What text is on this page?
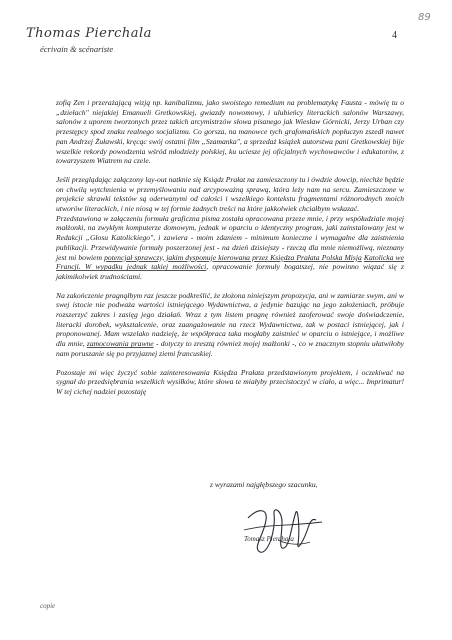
Thomas Pierchala
écrivain & scénariste
4
89

zofią Zen i przerażającą wizją np. kanibalizmu, jako swoistego remedium na problematykę Fausta - mówię tu o „dziełach" niejakiej Emanueli Gretkowskiej, gwiazdy nowomowy, i ulubieńcy literackich salonów Warszawy, salonów z uporem tworzonych przez takich arcymistrzów słowa pisanego jak Wiesław Górnicki, Jerzy Urban czy przestępcy spod znaku realnego socjalizmu. Co gorsza, na manowce tych grafomańskich popłuczyn zszedł nawet pan Andrzej Żuławski, kręcąc swój ostatni film „Szamanka", a sprzedaż książek autorstwa pani Gretkowskiej bije wszelkie rekordy powodzenia wśród młodzieży polskiej, ku uciesze jej oficjalnych wychowawców i edukatorów, z towarzyszem Wiatrem na czele.

Jeśli przeglądając załączony lay-out natknie się Ksiądz Prałat na zamieszczony tu i ówdzie dowcip, niechże będzie on chwilą wytchnienia w przemyślowaniu nad arcypoważną sprawą, która leży nam na sercu. Zamieszczone w projekcie skrawki tekstów są oderwanymi od całości i wszelkiego kontekstu fragmentami różnorodnych moich utworów literackich, i nie niosą w tej formie żadnych treści na które jakkolwiek chciałbym wskazać.

Przedstawiona w załączeniu formuła graficzna pisma została opracowana przeze mnie, i przy współudziale mojej małżonki, na zwykłym komputerze domowym, jednak w oparciu o identyczny program, jaki zainstalowany jest w Redakcji „Głosu Katolickiego", i zawiera - moim zdaniem - minimum konieczne i wymagalne dla zaistnienia publikacji. Przewidywanie formuły poszerzonej jest - na dzień dzisiejszy - rzeczą dla mnie niemożliwą, nieznany jest mi bowiem potencjał sprawczy, jakim dysponuje kierowana przez Księdza Prałata Polska Misja Katolicka we Francji. W wypadku jednak takiej możliwości, opracowanie formuły bogatszej, nie powinno wiązać się z jakimikolwiek trudnościami.

Na zakończenie pragnąłbym raz jeszcze podkreślić, że złożona niniejszym propozycja, ani w zamiarze swym, ani w swej istocie nie podważa wartości istniejącego Wydawnictwa, a jedynie bazując na jego założeniach, próbuje rozszerzyć zakres i zasięg jego działań. Wraz z tym listem pragnę również zaoferować swoje doświadczenie, literacki dorobek, wykształcenie, oraz zaangażowanie na rzecz Wydawnictwa, tak w postaci istniejącej, jak i proponowanej. Mam wszelako nadzieję, że współpraca taka mogłaby zaistnieć w oparciu o istniejące, i możliwe dla mnie, zamocowania prawne - dotyczy to zresztą również mojej małżonki -, co w znacznym stopniu ułatwiłoby nam poruszanie się po przyjaznej ziemi francuskiej.

Pozostaje mi więc życzyć sobie zainteresowania Księdza Prałata przedstawionym projektem, i oczekiwać na sygnał do przedsiębrania wszelkich wysiłków, które słowa te miałyby przecistoczyć w ciało, a więc... Imprimatur! W tej cichej nadziei pozostaję

z wyrazami najgłębszego szacunku,
Tomasz Pierchała
copie
